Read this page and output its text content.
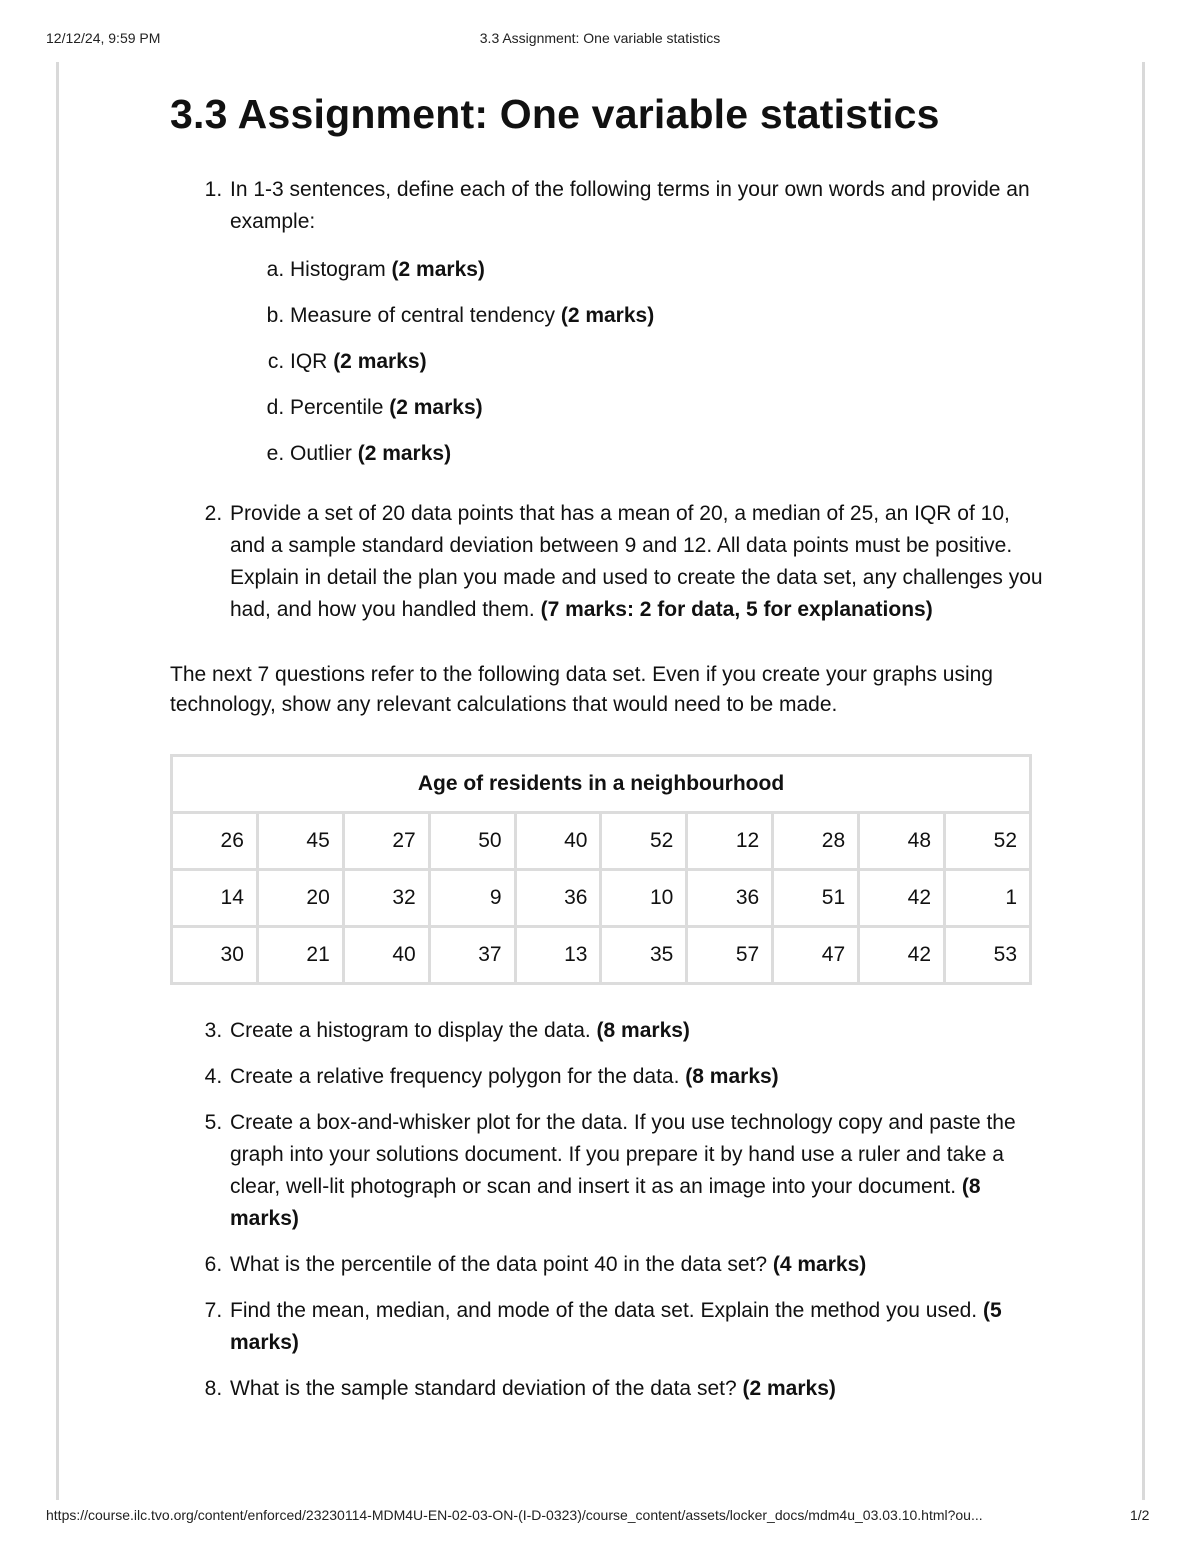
12/12/24, 9:59 PM	3.3 Assignment: One variable statistics
3.3 Assignment: One variable statistics
1. In 1-3 sentences, define each of the following terms in your own words and provide an example:
a. Histogram (2 marks)
b. Measure of central tendency (2 marks)
c. IQR (2 marks)
d. Percentile (2 marks)
e. Outlier (2 marks)
2. Provide a set of 20 data points that has a mean of 20, a median of 25, an IQR of 10, and a sample standard deviation between 9 and 12. All data points must be positive. Explain in detail the plan you made and used to create the data set, any challenges you had, and how you handled them. (7 marks: 2 for data, 5 for explanations)

The next 7 questions refer to the following data set. Even if you create your graphs using technology, show any relevant calculations that would need to be made.

Age of residents in a neighbourhood									
26	45	27	50	40	52	12	28	48	52
14	20	32	9	36	10	36	51	42	1
30	21	40	37	13	35	57	47	42	53
3. Create a histogram to display the data. (8 marks)
4. Create a relative frequency polygon for the data. (8 marks)
5. Create a box-and-whisker plot for the data. If you use technology copy and paste the graph into your solutions document. If you prepare it by hand use a ruler and take a clear, well-lit photograph or scan and insert it as an image into your document. (8 marks)
6. What is the percentile of the data point 40 in the data set? (4 marks)
7. Find the mean, median, and mode of the data set. Explain the method you used. (5 marks)
8. What is the sample standard deviation of the data set? (2 marks)
https://course.ilc.tvo.org/content/enforced/23230114-MDM4U-EN-02-03-ON-(I-D-0323)/course_content/assets/locker_docs/mdm4u_03.03.10.html?ou...	1/2
